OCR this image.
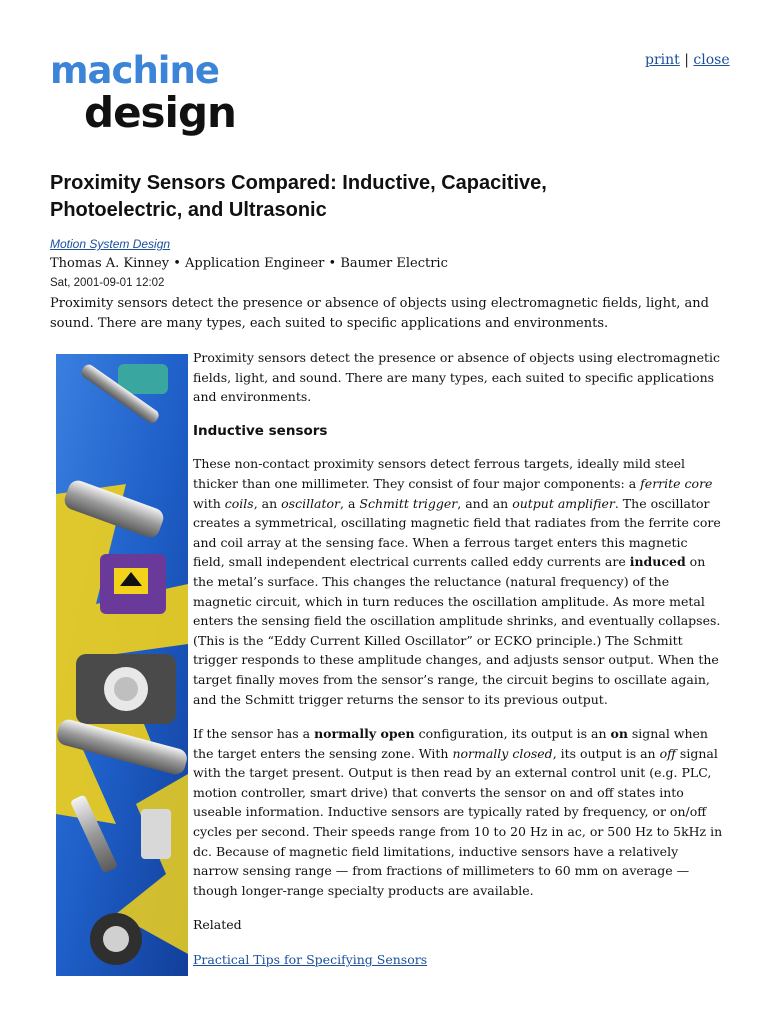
print | close
machine
design
Proximity Sensors Compared: Inductive, Capacitive, Photoelectric, and Ultrasonic
Motion System Design
Thomas A. Kinney • Application Engineer • Baumer Electric
Sat, 2001-09-01 12:02

Proximity sensors detect the presence or absence of objects using electromagnetic fields, light, and sound. There are many types, each suited to specific applications and environments.

Proximity sensors detect the presence or absence of objects using electromagnetic fields, light, and sound. There are many types, each suited to specific applications and environments.

Inductive sensors

These non-contact proximity sensors detect ferrous targets, ideally mild steel thicker than one millimeter. They consist of four major components: a ferrite core with coils, an oscillator, a Schmitt trigger, and an output amplifier. The oscillator creates a symmetrical, oscillating magnetic field that radiates from the ferrite core and coil array at the sensing face. When a ferrous target enters this magnetic field, small independent electrical currents called eddy currents are induced on the metal’s surface. This changes the reluctance (natural frequency) of the magnetic circuit, which in turn reduces the oscillation amplitude. As more metal enters the sensing field the oscillation amplitude shrinks, and eventually collapses. (This is the “Eddy Current Killed Oscillator” or ECKO principle.) The Schmitt trigger responds to these amplitude changes, and adjusts sensor output. When the target finally moves from the sensor’s range, the circuit begins to oscillate again, and the Schmitt trigger returns the sensor to its previous output.

If the sensor has a normally open configuration, its output is an on signal when the target enters the sensing zone. With normally closed, its output is an off signal with the target present. Output is then read by an external control unit (e.g. PLC, motion controller, smart drive) that converts the sensor on and off states into useable information. Inductive sensors are typically rated by frequency, or on/off cycles per second. Their speeds range from 10 to 20 Hz in ac, or 500 Hz to 5kHz in dc. Because of magnetic field limitations, inductive sensors have a relatively narrow sensing range — from fractions of millimeters to 60 mm on average — though longer-range specialty products are available.

Related

Practical Tips for Specifying Sensors
